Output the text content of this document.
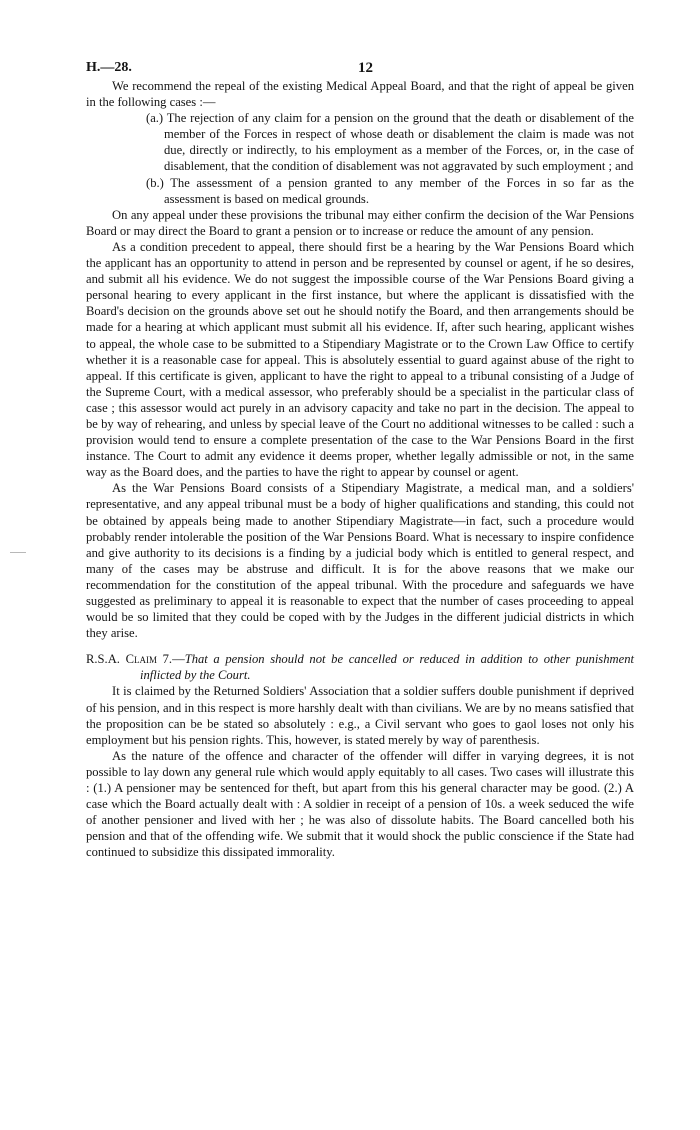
H.—28.	12

We recommend the repeal of the existing Medical Appeal Board, and that the right of appeal be given in the following cases :—

(a.) The rejection of any claim for a pension on the ground that the death or disablement of the member of the Forces in respect of whose death or disablement the claim is made was not due, directly or indirectly, to his employment as a member of the Forces, or, in the case of disablement, that the condition of disablement was not aggravated by such employment ; and

(b.) The assessment of a pension granted to any member of the Forces in so far as the assessment is based on medical grounds.

On any appeal under these provisions the tribunal may either confirm the decision of the War Pensions Board or may direct the Board to grant a pension or to increase or reduce the amount of any pension.

As a condition precedent to appeal, there should first be a hearing by the War Pensions Board which the applicant has an opportunity to attend in person and be represented by counsel or agent, if he so desires, and submit all his evidence. We do not suggest the impossible course of the War Pensions Board giving a personal hearing to every applicant in the first instance, but where the applicant is dissatisfied with the Board's decision on the grounds above set out he should notify the Board, and then arrangements should be made for a hearing at which applicant must submit all his evidence. If, after such hearing, applicant wishes to appeal, the whole case to be submitted to a Stipendiary Magistrate or to the Crown Law Office to certify whether it is a reasonable case for appeal. This is absolutely essential to guard against abuse of the right to appeal. If this certificate is given, applicant to have the right to appeal to a tribunal consisting of a Judge of the Supreme Court, with a medical assessor, who preferably should be a specialist in the particular class of case ; this assessor would act purely in an advisory capacity and take no part in the decision. The appeal to be by way of rehearing, and unless by special leave of the Court no additional witnesses to be called : such a provision would tend to ensure a complete presentation of the case to the War Pensions Board in the first instance. The Court to admit any evidence it deems proper, whether legally admissible or not, in the same way as the Board does, and the parties to have the right to appear by counsel or agent.

As the War Pensions Board consists of a Stipendiary Magistrate, a medical man, and a soldiers' representative, and any appeal tribunal must be a body of higher qualifications and standing, this could not be obtained by appeals being made to another Stipendiary Magistrate—in fact, such a procedure would probably render intolerable the position of the War Pensions Board. What is necessary to inspire confidence and give authority to its decisions is a finding by a judicial body which is entitled to general respect, and many of the cases may be abstruse and difficult. It is for the above reasons that we make our recommendation for the constitution of the appeal tribunal. With the procedure and safeguards we have suggested as preliminary to appeal it is reasonable to expect that the number of cases proceeding to appeal would be so limited that they could be coped with by the Judges in the different judicial districts in which they arise.

R.S.A. Claim 7.—That a pension should not be cancelled or reduced in addition to other punishment inflicted by the Court.

It is claimed by the Returned Soldiers' Association that a soldier suffers double punishment if deprived of his pension, and in this respect is more harshly dealt with than civilians. We are by no means satisfied that the proposition can be be stated so absolutely : e.g., a Civil servant who goes to gaol loses not only his employment but his pension rights. This, however, is stated merely by way of parenthesis.

As the nature of the offence and character of the offender will differ in varying degrees, it is not possible to lay down any general rule which would apply equitably to all cases. Two cases will illustrate this : (1.) A pensioner may be sentenced for theft, but apart from this his general character may be good. (2.) A case which the Board actually dealt with : A soldier in receipt of a pension of 10s. a week seduced the wife of another pensioner and lived with her ; he was also of dissolute habits. The Board cancelled both his pension and that of the offending wife. We submit that it would shock the public conscience if the State had continued to subsidize this dissipated immorality.
